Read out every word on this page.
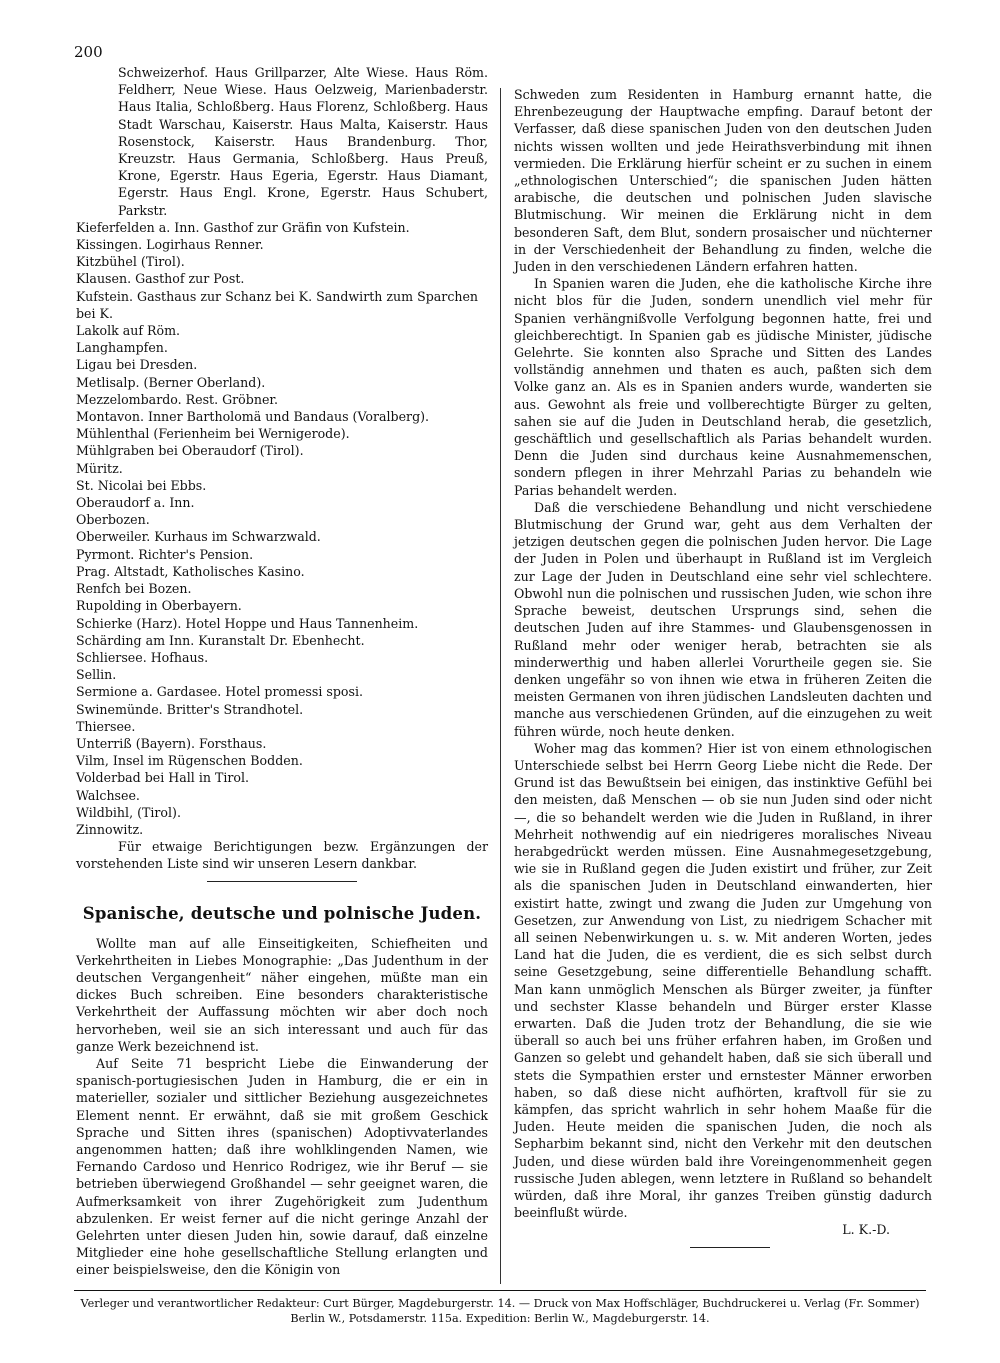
200
Schweizerhof. Haus Grillparzer, Alte Wiese. Haus Röm. Feldherr, Neue Wiese. Haus Oelzweig, Marienbaderstr. Haus Italia, Schloßberg. Haus Florenz, Schloßberg. Haus Stadt Warschau, Kaiserstr. Haus Malta, Kaiserstr. Haus Rosenstock, Kaiserstr. Haus Brandenburg. Thor, Kreuzstr. Haus Germania, Schloßberg. Haus Preuß, Krone, Egerstr. Haus Egeria, Egerstr. Haus Diamant, Egerstr. Haus Engl. Krone, Egerstr. Haus Schubert, Parkstr.
Kieferfelden a. Inn. Gasthof zur Gräfin von Kufstein.
Kissingen. Logirhaus Renner.
Kitzbühel (Tirol).
Klausen. Gasthof zur Post.
Kufstein. Gasthaus zur Schanz bei K. Sandwirth zum Sparchen bei K.
Lakolk auf Röm.
Langhampfen.
Ligau bei Dresden.
Metlisalp. (Berner Oberland).
Mezzelombardo. Rest. Gröbner.
Montavon. Inner Bartholomä und Bandaus (Voralberg).
Mühlenthal (Ferienheim bei Wernigerode).
Mühlgraben bei Oberaudorf (Tirol).
Müritz.
St. Nicolai bei Ebbs.
Oberaudorf a. Inn.
Oberbozen.
Oberweiler. Kurhaus im Schwarzwald.
Pyrmont. Richter's Pension.
Prag. Altstadt, Katholisches Kasino.
Renfch bei Bozen.
Rupolding in Oberbayern.
Schierke (Harz). Hotel Hoppe und Haus Tannenheim.
Schärding am Inn. Kuranstalt Dr. Ebenhecht.
Schliersee. Hofhaus.
Sellin.
Sermione a. Gardasee. Hotel promessi sposi.
Swinemünde. Britter's Strandhotel.
Thiersee.
Unterriß (Bayern). Forsthaus.
Vilm, Insel im Rügenschen Bodden.
Volderbad bei Hall in Tirol.
Walchsee.
Wildbihl, (Tirol).
Zinnowitz.

Für etwaige Berichtigungen bezw. Ergänzungen der vorstehenden Liste sind wir unseren Lesern dankbar.

Spanische, deutsche und polnische Juden.

Wollte man auf alle Einseitigkeiten, Schiefheiten und Verkehrtheiten in Liebes Monographie: „Das Judenthum in der deutschen Vergangenheit“ näher eingehen, müßte man ein dickes Buch schreiben. Eine besonders charakteristische Verkehrtheit der Auffassung möchten wir aber doch noch hervorheben, weil sie an sich interessant und auch für das ganze Werk bezeichnend ist.

Auf Seite 71 bespricht Liebe die Einwanderung der spanisch-portugiesischen Juden in Hamburg, die er ein in materieller, sozialer und sittlicher Beziehung ausgezeichnetes Element nennt. Er erwähnt, daß sie mit großem Geschick Sprache und Sitten ihres (spanischen) Adoptivvaterlandes angenommen hatten; daß ihre wohlklingenden Namen, wie Fernando Cardoso und Henrico Rodrigez, wie ihr Beruf — sie betrieben überwiegend Großhandel — sehr geeignet waren, die Aufmerksamkeit von ihrer Zugehörigkeit zum Judenthum abzulenken. Er weist ferner auf die nicht geringe Anzahl der Gelehrten unter diesen Juden hin, sowie darauf, daß einzelne Mitglieder eine hohe gesellschaftliche Stellung erlangten und einer beispielsweise, den die Königin von

Schweden zum Residenten in Hamburg ernannt hatte, die Ehrenbezeugung der Hauptwache empfing. Darauf betont der Verfasser, daß diese spanischen Juden von den deutschen Juden nichts wissen wollten und jede Heirathsverbindung mit ihnen vermieden. Die Erklärung hierfür scheint er zu suchen in einem „ethnologischen Unterschied“; die spanischen Juden hätten arabische, die deutschen und polnischen Juden slavische Blutmischung. Wir meinen die Erklärung nicht in dem besonderen Saft, dem Blut, sondern prosaischer und nüchterner in der Verschiedenheit der Behandlung zu finden, welche die Juden in den verschiedenen Ländern erfahren hatten.

In Spanien waren die Juden, ehe die katholische Kirche ihre nicht blos für die Juden, sondern unendlich viel mehr für Spanien verhängnißvolle Verfolgung begonnen hatte, frei und gleichberechtigt. In Spanien gab es jüdische Minister, jüdische Gelehrte. Sie konnten also Sprache und Sitten des Landes vollständig annehmen und thaten es auch, paßten sich dem Volke ganz an. Als es in Spanien anders wurde, wanderten sie aus. Gewohnt als freie und vollberechtigte Bürger zu gelten, sahen sie auf die Juden in Deutschland herab, die gesetzlich, geschäftlich und gesellschaftlich als Parias behandelt wurden. Denn die Juden sind durchaus keine Ausnahmemenschen, sondern pflegen in ihrer Mehrzahl Parias zu behandeln wie Parias behandelt werden.

Daß die verschiedene Behandlung und nicht verschiedene Blutmischung der Grund war, geht aus dem Verhalten der jetzigen deutschen gegen die polnischen Juden hervor. Die Lage der Juden in Polen und überhaupt in Rußland ist im Vergleich zur Lage der Juden in Deutschland eine sehr viel schlechtere. Obwohl nun die polnischen und russischen Juden, wie schon ihre Sprache beweist, deutschen Ursprungs sind, sehen die deutschen Juden auf ihre Stammes- und Glaubensgenossen in Rußland mehr oder weniger herab, betrachten sie als minderwerthig und haben allerlei Vorurtheile gegen sie. Sie denken ungefähr so von ihnen wie etwa in früheren Zeiten die meisten Germanen von ihren jüdischen Landsleuten dachten und manche aus verschiedenen Gründen, auf die einzugehen zu weit führen würde, noch heute denken.

Woher mag das kommen? Hier ist von einem ethnologischen Unterschiede selbst bei Herrn Georg Liebe nicht die Rede. Der Grund ist das Bewußtsein bei einigen, das instinktive Gefühl bei den meisten, daß Menschen — ob sie nun Juden sind oder nicht —, die so behandelt werden wie die Juden in Rußland, in ihrer Mehrheit nothwendig auf ein niedrigeres moralisches Niveau herabgedrückt werden müssen. Eine Ausnahmegesetzgebung, wie sie in Rußland gegen die Juden existirt und früher, zur Zeit als die spanischen Juden in Deutschland einwanderten, hier existirt hatte, zwingt und zwang die Juden zur Umgehung von Gesetzen, zur Anwendung von List, zu niedrigem Schacher mit all seinen Nebenwirkungen u. s. w. Mit anderen Worten, jedes Land hat die Juden, die es verdient, die es sich selbst durch seine Gesetzgebung, seine differentielle Behandlung schafft. Man kann unmöglich Menschen als Bürger zweiter, ja fünfter und sechster Klasse behandeln und Bürger erster Klasse erwarten. Daß die Juden trotz der Behandlung, die sie wie überall so auch bei uns früher erfahren haben, im Großen und Ganzen so gelebt und gehandelt haben, daß sie sich überall und stets die Sympathien erster und ernstester Männer erworben haben, so daß diese nicht aufhörten, kraftvoll für sie zu kämpfen, das spricht wahrlich in sehr hohem Maaße für die Juden. Heute meiden die spanischen Juden, die noch als Sepharbim bekannt sind, nicht den Verkehr mit den deutschen Juden, und diese würden bald ihre Voreingenommenheit gegen russische Juden ablegen, wenn letztere in Rußland so behandelt würden, daß ihre Moral, ihr ganzes Treiben günstig dadurch beeinflußt würde.

L. K.-D.

Verleger und verantwortlicher Redakteur: Curt Bürger, Magdeburgerstr. 14. — Druck von Max Hoffschläger, Buchdruckerei u. Verlag (Fr. Sommer)
Berlin W., Potsdamerstr. 115a. Expedition: Berlin W., Magdeburgerstr. 14.
